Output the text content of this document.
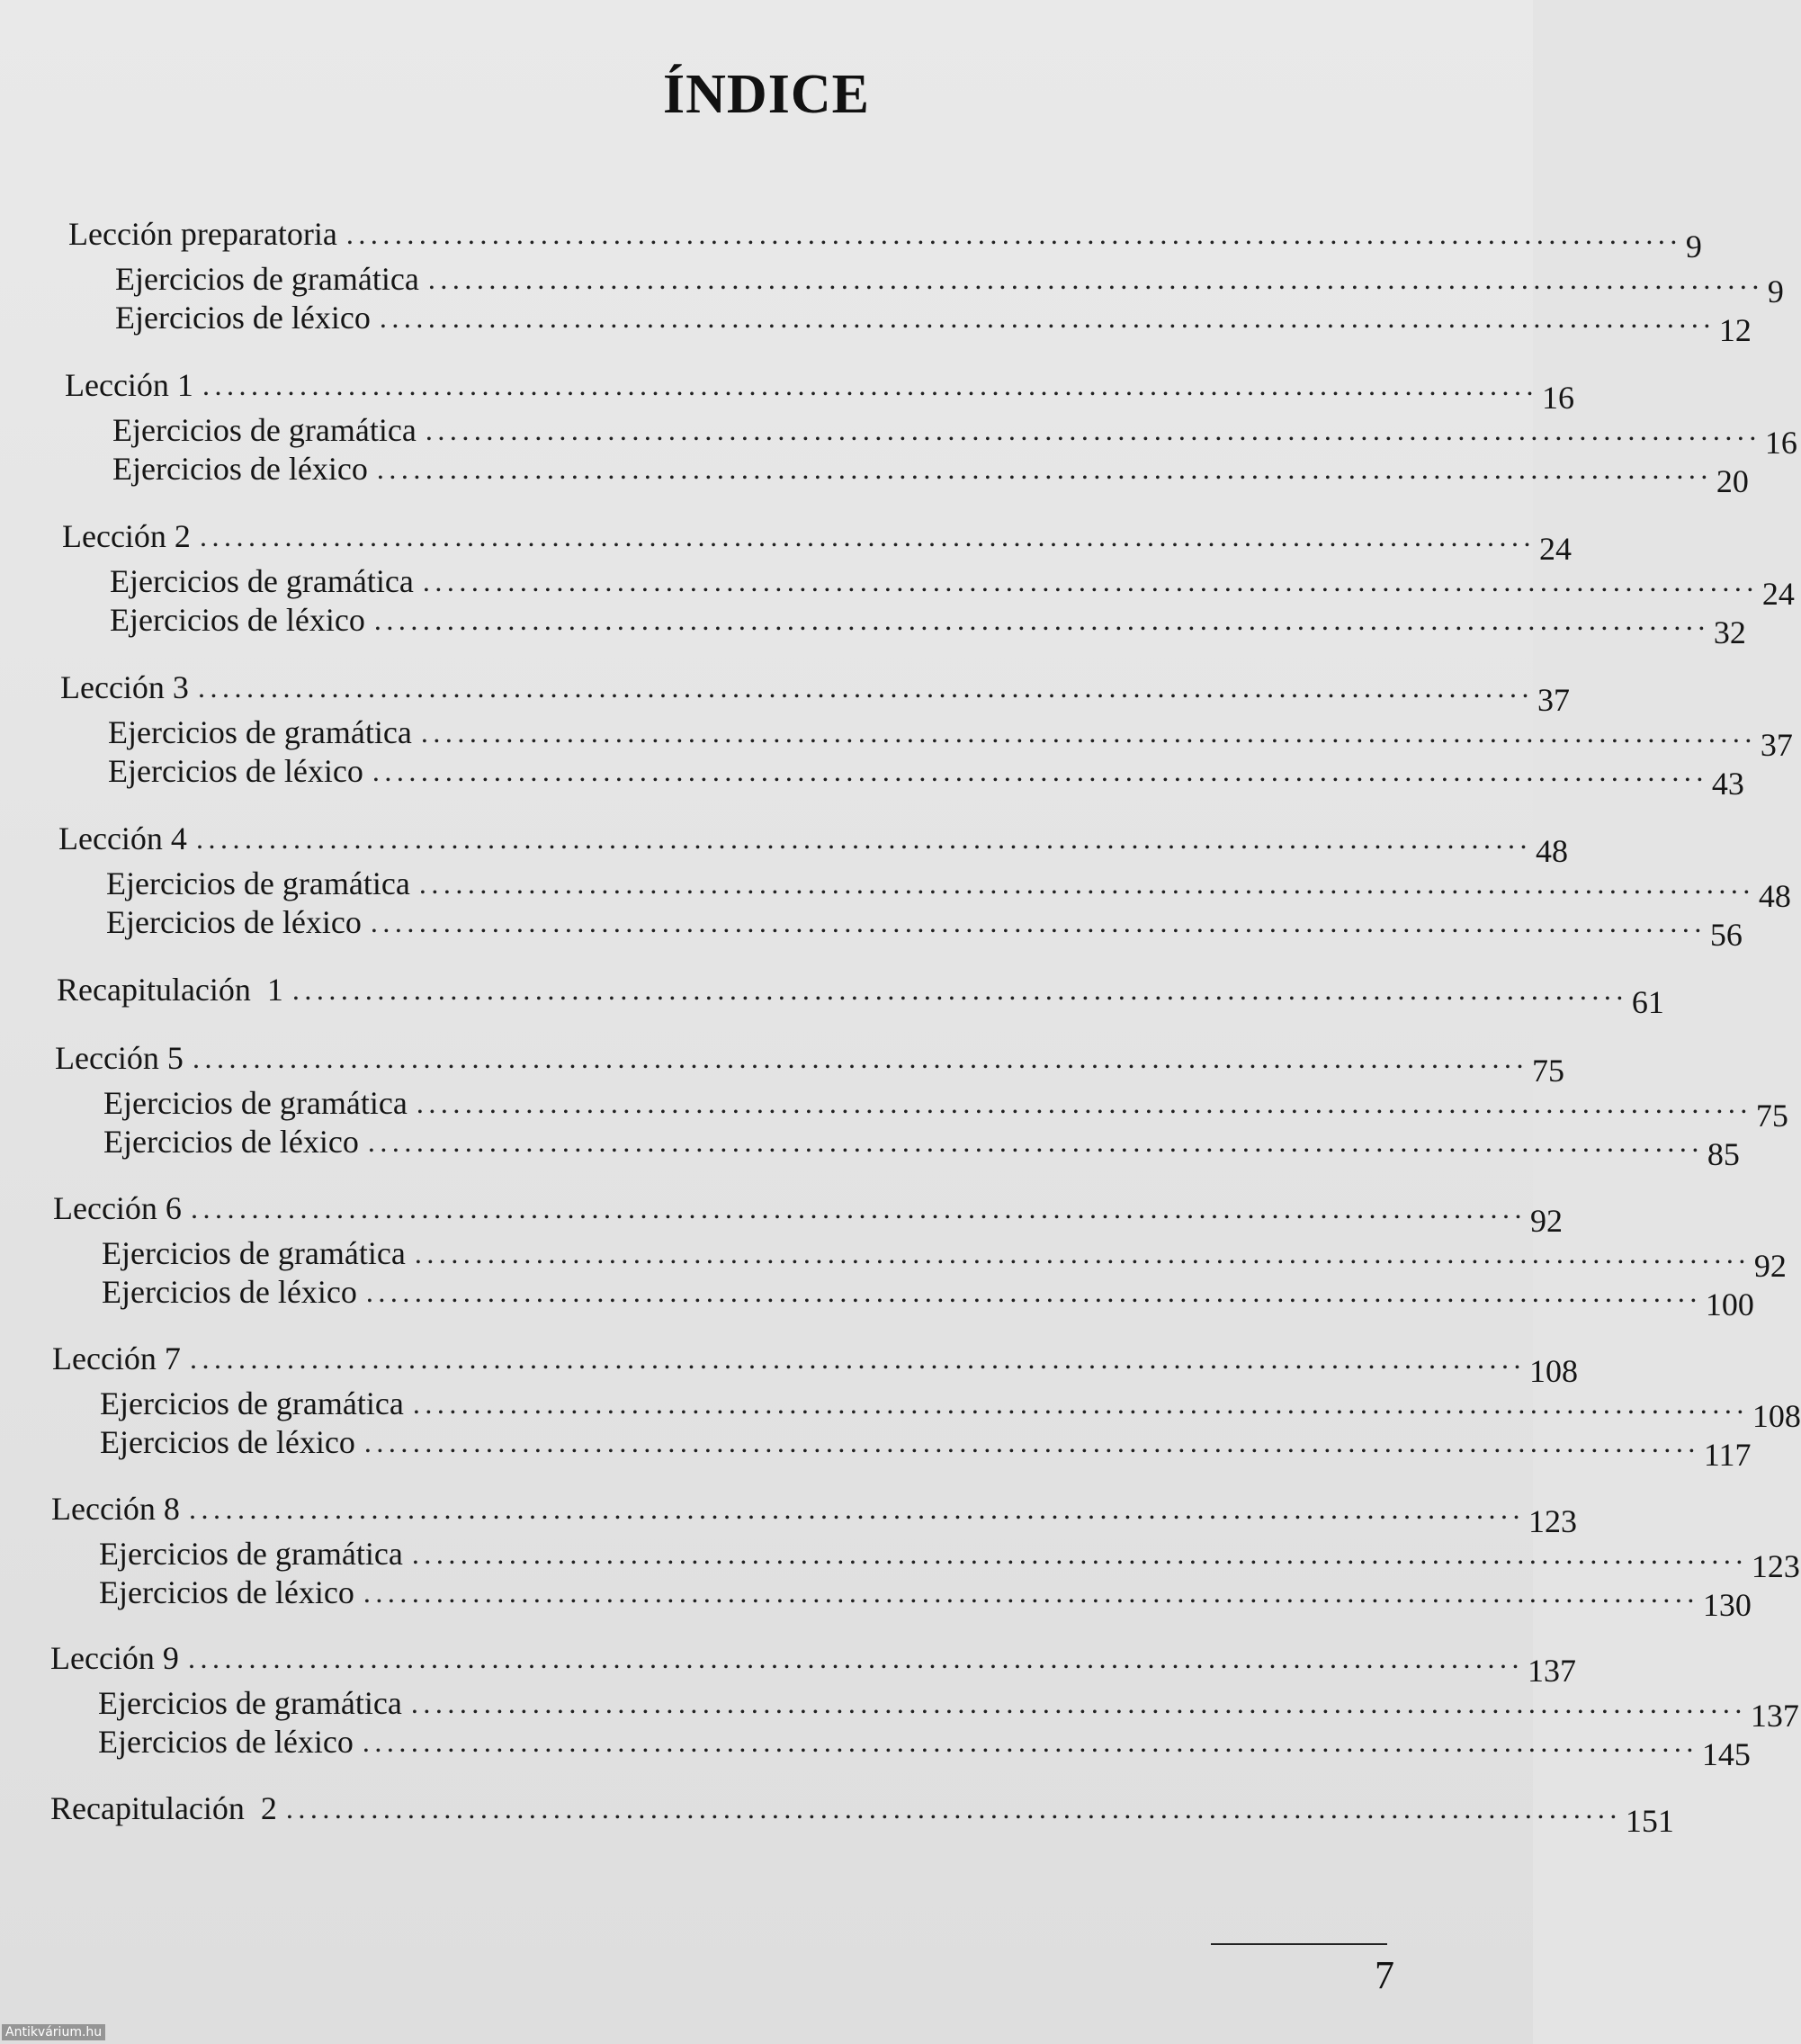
ÍNDICE
Lección preparatoria .............................................................................................................. 9
Ejercicios de gramática .............................................................................................................. 9
Ejercicios de léxico .............................................................................................................. 12
Lección 1 .............................................................................................................. 16
Ejercicios de gramática .............................................................................................................. 16
Ejercicios de léxico .............................................................................................................. 20
Lección 2 .............................................................................................................. 24
Ejercicios de gramática .............................................................................................................. 24
Ejercicios de léxico .............................................................................................................. 32
Lección 3 .............................................................................................................. 37
Ejercicios de gramática .............................................................................................................. 37
Ejercicios de léxico .............................................................................................................. 43
Lección 4 .............................................................................................................. 48
Ejercicios de gramática .............................................................................................................. 48
Ejercicios de léxico .............................................................................................................. 56
Recapitulación  1 .............................................................................................................. 61
Lección 5 .............................................................................................................. 75
Ejercicios de gramática .............................................................................................................. 75
Ejercicios de léxico .............................................................................................................. 85
Lección 6 .............................................................................................................. 92
Ejercicios de gramática .............................................................................................................. 92
Ejercicios de léxico .............................................................................................................. 100
Lección 7 .............................................................................................................. 108
Ejercicios de gramática .............................................................................................................. 108
Ejercicios de léxico .............................................................................................................. 117
Lección 8 .............................................................................................................. 123
Ejercicios de gramática .............................................................................................................. 123
Ejercicios de léxico .............................................................................................................. 130
Lección 9 .............................................................................................................. 137
Ejercicios de gramática .............................................................................................................. 137
Ejercicios de léxico .............................................................................................................. 145
Recapitulación  2 .............................................................................................................. 151
7
Antikvárium.hu
